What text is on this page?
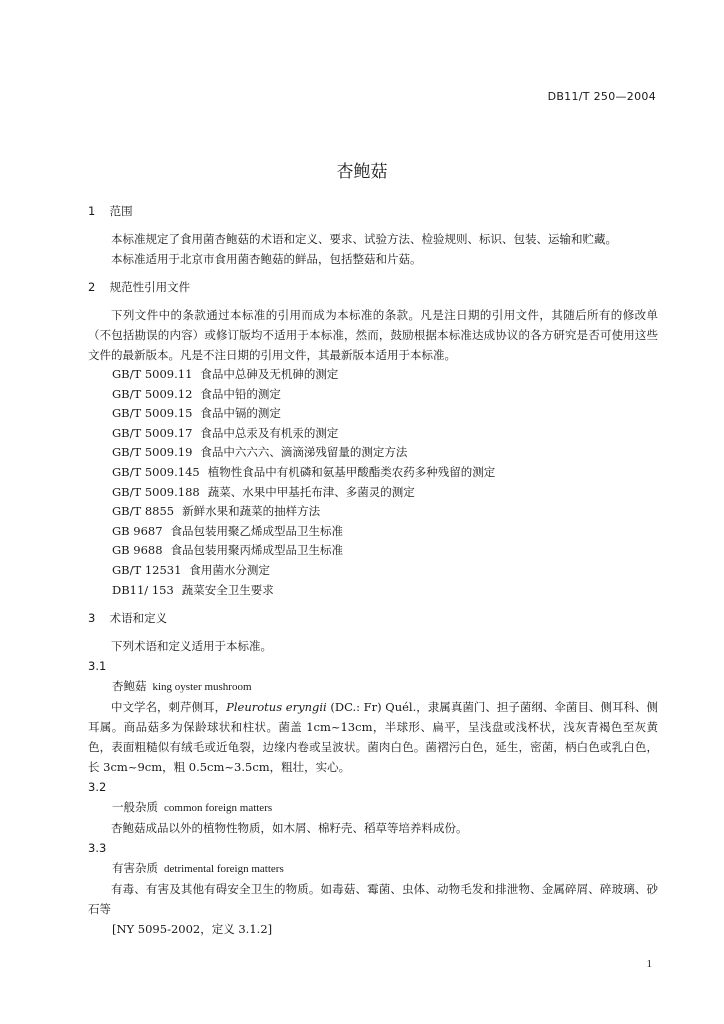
DB11/T 250—2004
杏鲍菇
1 范围

本标准规定了食用菌杏鲍菇的术语和定义、要求、试验方法、检验规则、标识、包装、运输和贮藏。

本标准适用于北京市食用菌杏鲍菇的鲜品，包括整菇和片菇。

2 规范性引用文件

下列文件中的条款通过本标准的引用而成为本标准的条款。凡是注日期的引用文件，其随后所有的修改单（不包括勘误的内容）或修订版均不适用于本标准，然而，鼓励根据本标准达成协议的各方研究是否可使用这些文件的最新版本。凡是不注日期的引用文件，其最新版本适用于本标准。

GB/T 5009.11 食品中总砷及无机砷的测定
GB/T 5009.12 食品中铅的测定
GB/T 5009.15 食品中镉的测定
GB/T 5009.17 食品中总汞及有机汞的测定
GB/T 5009.19 食品中六六六、滴滴涕残留量的测定方法
GB/T 5009.145 植物性食品中有机磷和氨基甲酸酯类农药多种残留的测定
GB/T 5009.188 蔬菜、水果中甲基托布津、多菌灵的测定
GB/T 8855 新鲜水果和蔬菜的抽样方法
GB 9687 食品包装用聚乙烯成型品卫生标准
GB 9688 食品包装用聚丙烯成型品卫生标准
GB/T 12531 食用菌水分测定
DB11/ 153 蔬菜安全卫生要求
3 术语和定义

下列术语和定义适用于本标准。

3.1
杏鲍菇 king oyster mushroom

中文学名，刺芹侧耳，Pleurotus eryngii (DC.: Fr) Quél.，隶属真菌门、担子菌纲、伞菌目、侧耳科、侧耳属。商品菇多为保龄球状和柱状。菌盖 1cm~13cm，半球形、扁平，呈浅盘或浅杯状，浅灰青褐色至灰黄色，表面粗糙似有绒毛或近龟裂，边缘内卷或呈波状。菌肉白色。菌褶污白色，延生，密菌，柄白色或乳白色，长 3cm~9cm，粗 0.5cm~3.5cm，粗壮，实心。

3.2
一般杂质 common foreign matters

杏鲍菇成品以外的植物性物质，如木屑、棉籽壳、稻草等培养料成份。

3.3
有害杂质 detrimental foreign matters

有毒、有害及其他有碍安全卫生的物质。如毒菇、霉菌、虫体、动物毛发和排泄物、金属碎屑、碎玻璃、砂石等

[NY 5095-2002，定义 3.1.2]

1
